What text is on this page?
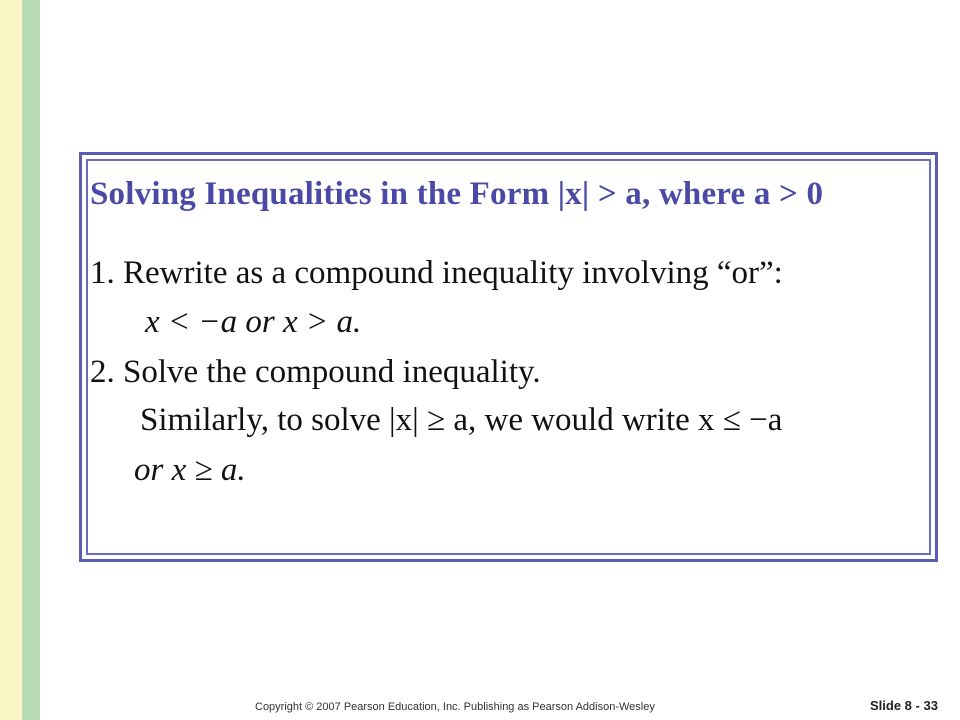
Solving Inequalities in the Form |x| > a, where a > 0

1. Rewrite as a compound inequality involving “or”:

x < −a or x > a.

2. Solve the compound inequality.

Similarly, to solve |x| ≥ a, we would write x ≤ −a

or x ≥ a.

Copyright © 2007 Pearson Education, Inc. Publishing as Pearson Addison-Wesley	Slide 8 - 33
